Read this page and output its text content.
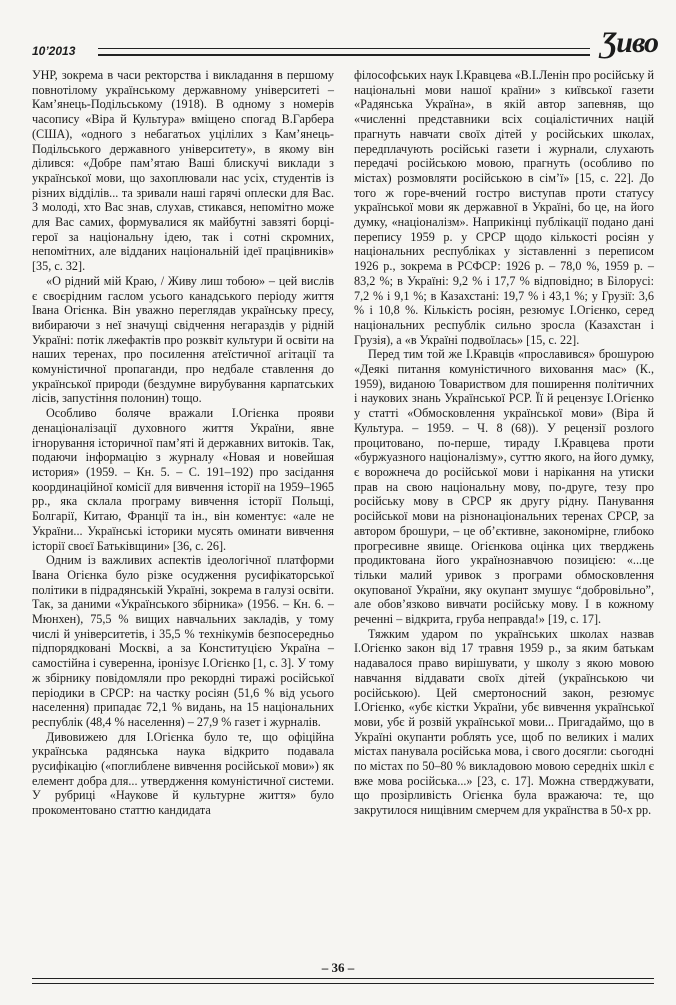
10’2013	Ʒиво

УНР, зокрема в часи ректорства і викладання в першому повнотілому українському державному університеті – Кам’янець-Подільському (1918). В одному з номерів часопису «Віра й Культура» вміщено спогад В.Гарбера (США), «одного з небагатьох уцілілих з Кам’янець-Подільського державного університету», в якому він ділився: «Добре пам’ятаю Ваші блискучі виклади з української мови, що захоплювали нас усіх, студентів із різних відділів... та зривали наші гарячі оплески для Вас. З молоді, хто Вас знав, слухав, стикався, непомітно може для Вас самих, формувалися як майбутні завзяті борці-герої за національну ідею, так і сотні скромних, непомітних, але відданих національній ідеї працівників» [35, с. 32].

«О рідний мій Краю, / Живу лиш тобою» – цей вислів є своєрідним гаслом усього канадського періоду життя Івана Огієнка. Він уважно переглядав українську пресу, вибираючи з неї значущі свідчення негараздів у рідній Україні: потік лжефактів про розквіт культури й освіти на наших теренах, про посилення атеїстичної агітації та комуністичної пропаганди, про недбале ставлення до української природи (бездумне вирубування карпатських лісів, запустіння полонин) тощо.

Особливо боляче вражали І.Огієнка прояви денаціоналізації духовного життя України, явне ігнорування історичної пам’яті й державних витоків. Так, подаючи інформацію з журналу «Новая и новейшая история» (1959. – Кн. 5. – С. 191–192) про засідання координаційної комісії для вивчення історії на 1959–1965 рр., яка склала програму вивчення історії Польщі, Болгарії, Китаю, Франції та ін., він коментує: «але не України... Українські історики мусять оминати вивчення історії своєї Батьківщини» [36, с. 26].

Одним із важливих аспектів ідеологічної платформи Івана Огієнка було різке осудження русифікаторської політики в підрадянській Україні, зокрема в галузі освіти. Так, за даними «Українського збірника» (1956. – Кн. 6. – Мюнхен), 75,5 % вищих навчальних закладів, у тому числі й університетів, і 35,5 % технікумів безпосередньо підпорядковані Москві, а за Конституцією Україна – самостійна і суверенна, іронізує І.Огієнко [1, с. 3]. У тому ж збірнику повідомляли про рекордні тиражі російської періодики в СРСР: на частку росіян (51,6 % від усього населення) припадає 72,1 % видань, на 15 національних республік (48,4 % населення) – 27,9 % газет і журналів.

Дивовижею для І.Огієнка було те, що офіційна українська радянська наука відкрито подавала русифікацію («поглиблене вивчення російської мови») як елемент добра для... утвердження комуністичної системи. У рубриці «Наукове й культурне життя» було прокоментовано статтю кандидата

філософських наук І.Кравцева «В.І.Ленін про російську й національні мови нашої країни» з київської газети «Радянська Україна», в якій автор запевняв, що «численні представники всіх соціалістичних націй прагнуть навчати своїх дітей у російських школах, передплачують російські газети і журнали, слухають передачі російською мовою, прагнуть (особливо по містах) розмовляти російською в сім’ї» [15, с. 22]. До того ж горе-вчений гостро виступав проти статусу української мови як державної в Україні, бо це, на його думку, «націоналізм». Наприкінці публікації подано дані перепису 1959 р. у СРСР щодо кількості росіян у національних республіках у зіставленні з переписом 1926 р., зокрема в РСФСР: 1926 р. – 78,0 %, 1959 р. – 83,2 %; в Україні: 9,2 % і 17,7 % відповідно; в Білорусі: 7,2 % і 9,1 %; в Казахстані: 19,7 % і 43,1 %; у Грузії: 3,6 % і 10,8 %. Кількість росіян, резюмує І.Огієнко, серед національних республік сильно зросла (Казахстан і Грузія), а «в Україні подвоїлась» [15, с. 22].

Перед тим той же І.Кравців «прославився» брошурою «Деякі питання комуністичного виховання мас» (К., 1959), виданою Товариством для поширення політичних і наукових знань Української РСР. Її й рецензує І.Огієнко у статті «Обмосковлення української мови» (Віра й Культура. – 1959. – Ч. 8 (68)). У рецензії розлого процитовано, по-перше, тираду І.Кравцева проти «буржуазного націоналізму», суттю якого, на його думку, є ворожнеча до російської мови і нарікання на утиски прав на свою національну мову, по-друге, тезу про російську мову в СРСР як другу рідну. Панування російської мови на різнонаціональних теренах СРСР, за автором брошури, – це об’єктивне, закономірне, глибоко прогресивне явище. Огієнкова оцінка цих тверджень продиктована його українознавчою позицією: «...це тільки малий уривок з програми обмосковлення окупованої України, яку окупант змушує “добровільно”, але обов’язково вивчати російську мову. І в кожному реченні – відкрита, груба неправда!» [19, с. 17].

Тяжким ударом по українських школах назвав І.Огієнко закон від 17 травня 1959 р., за яким батькам надавалося право вирішувати, у школу з якою мовою навчання віддавати своїх дітей (українською чи російською). Цей смертоносний закон, резюмує І.Огієнко, «убє кістки України, убє вивчення української мови, убє й розвій української мови... Пригадаймо, що в Україні окупанти роблять усе, щоб по великих і малих містах панувала російська мова, і свого досягли: сьогодні по містах по 50–80 % викладовою мовою середніх шкіл є вже мова російська...» [23, с. 17]. Можна стверджувати, що прозірливість Огієнка була вражаюча: те, що закрутилося нищівним смерчем для українства в 50-х рр.

– 36 –
